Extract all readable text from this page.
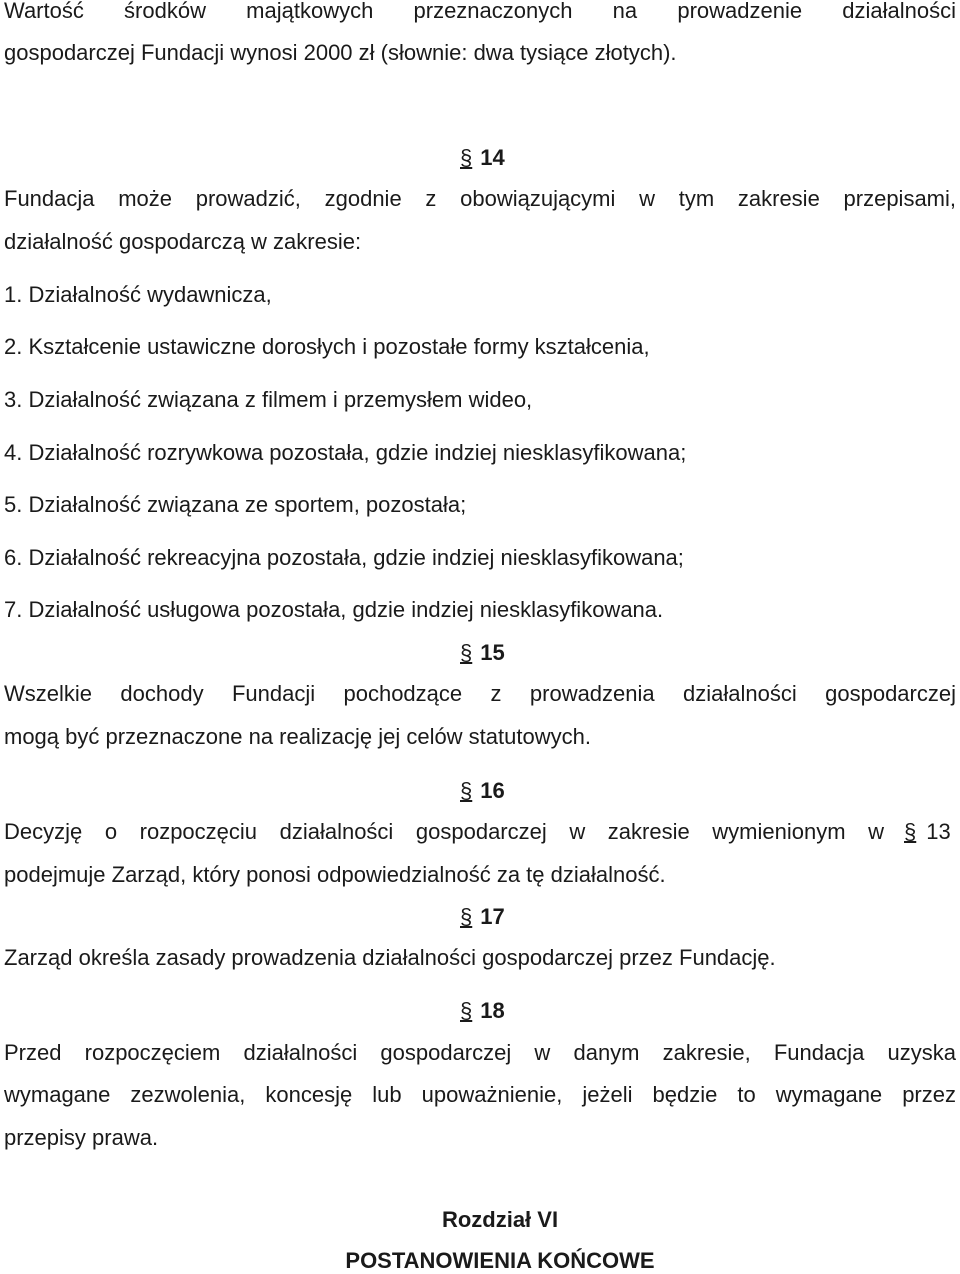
Wartość środków majątkowych przeznaczonych na prowadzenie działalności
gospodarczej Fundacji wynosi 2000 zł (słownie: dwa tysiące złotych).
§ 14
Fundacja może prowadzić, zgodnie z obowiązującymi w tym zakresie przepisami,
działalność gospodarczą w zakresie:
1. Działalność wydawnicza,
2. Kształcenie ustawiczne dorosłych i pozostałe formy kształcenia,
3. Działalność związana z filmem i przemysłem wideo,
4. Działalność rozrywkowa pozostała, gdzie indziej niesklasyfikowana;
5. Działalność związana ze sportem, pozostała;
6. Działalność rekreacyjna pozostała, gdzie indziej niesklasyfikowana;
7. Działalność usługowa pozostała, gdzie indziej niesklasyfikowana.
§ 15
Wszelkie dochody Fundacji pochodzące z prowadzenia działalności gospodarczej
mogą być przeznaczone na realizację jej celów statutowych.
§ 16
Decyzję o rozpoczęciu działalności gospodarczej w zakresie wymienionym w § 13
podejmuje Zarząd, który ponosi odpowiedzialność za tę działalność.
§ 17
Zarząd określa zasady prowadzenia działalności gospodarczej przez Fundację.
§ 18
Przed rozpoczęciem działalności gospodarczej w danym zakresie, Fundacja uzyska
wymagane zezwolenia, koncesję lub upoważnienie, jeżeli będzie to wymagane przez
przepisy prawa.
Rozdział VI
POSTANOWIENIA KOŃCOWE
